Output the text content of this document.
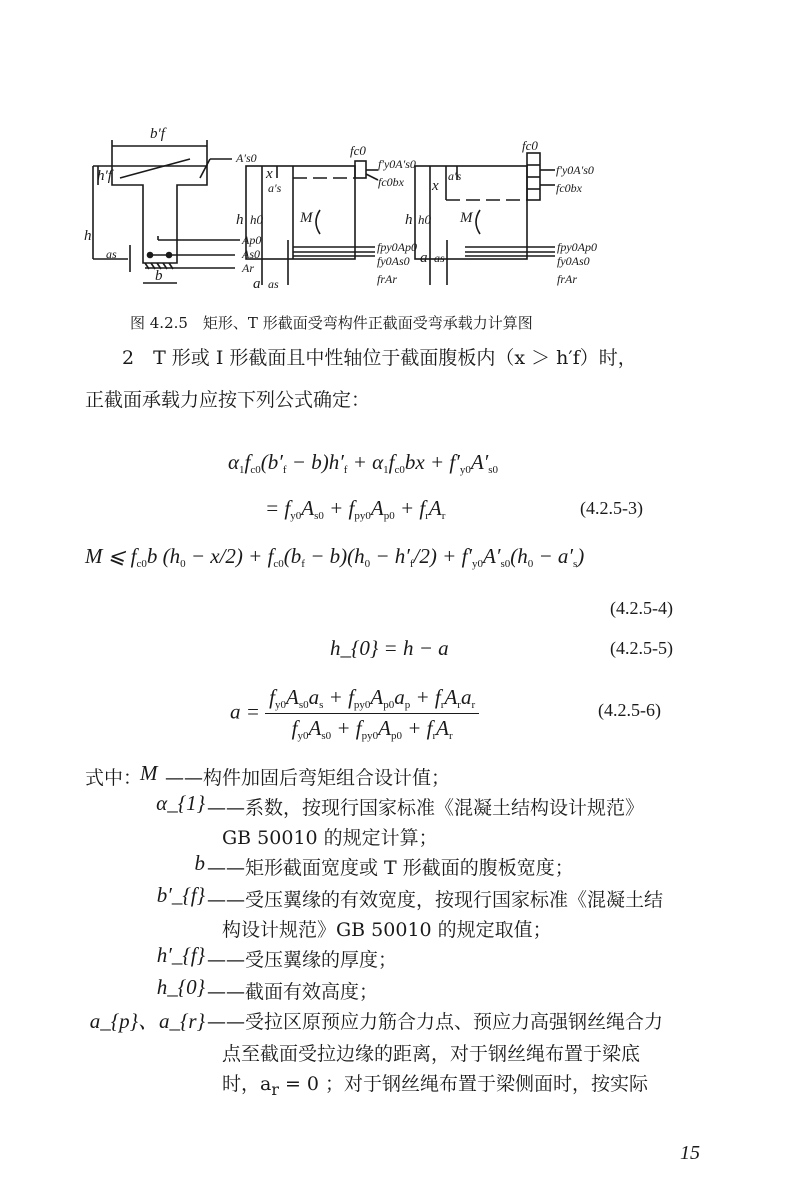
b′f
h′f
h
as
b
A′s0
Ap0
As0
Ar
fc0
f′y0A′s0
fc0bx
x
a′s
M
h h0
a as
fpy0Ap0
fy0As0
frAr
fc0
f′y0A′s0
fc0bx
x
a′s
M
h h0
a as
fpy0Ap0
fy0As0
frAr
图 4.2.5　矩形、T 形截面受弯构件正截面受弯承载力计算图
2　T 形或 I 形截面且中性轴位于截面腹板内（x ＞ h′f）时，
正截面承载力应按下列公式确定：
$\alpha_1f_{c0}(b'_f - b)h'_f + \alpha_1f_{c0}bx + f'_{y0}A'_{s0}$
= $f_{y0}A_{s0} + f_{py0}A_{p0} + f_rA_r$	(4.2.5-3)
M ⩽ $f_{c0}b$ $(h_0 - x/2) + f_{c0}(b_f - b)(h_0 - h'_f/2) + f'_{y0}A'_{s0}(h_0 - a'_s)$
(4.2.5-4)
h_{0} = h − a	(4.2.5-5)
$a = \frac{f_{y0}A_{s0}a_s + f_{py0}A_{p0}a_p + f_rA_ra_r}{f_{y0}A_{s0} + f_{py0}A_{p0} + f_rA_r}$	(4.2.5-6)
式中：
M ——构件加固后弯矩组合设计值；
α_{1} ——系数，按现行国家标准《混凝土结构设计规范》
GB 50010 的规定计算；
b ——矩形截面宽度或 T 形截面的腹板宽度；
b′_{f} ——受压翼缘的有效宽度，按现行国家标准《混凝土结
构设计规范》GB 50010 的规定取值；
h′_{f} ——受压翼缘的厚度；
h_{0} ——截面有效高度；
a_{p}、a_{r} ——受拉区原预应力筋合力点、预应力高强钢丝绳合力
点至截面受拉边缘的距离，对于钢丝绳布置于梁底
时，$a_r = 0$ ；对于钢丝绳布置于梁侧面时，按实际
15
